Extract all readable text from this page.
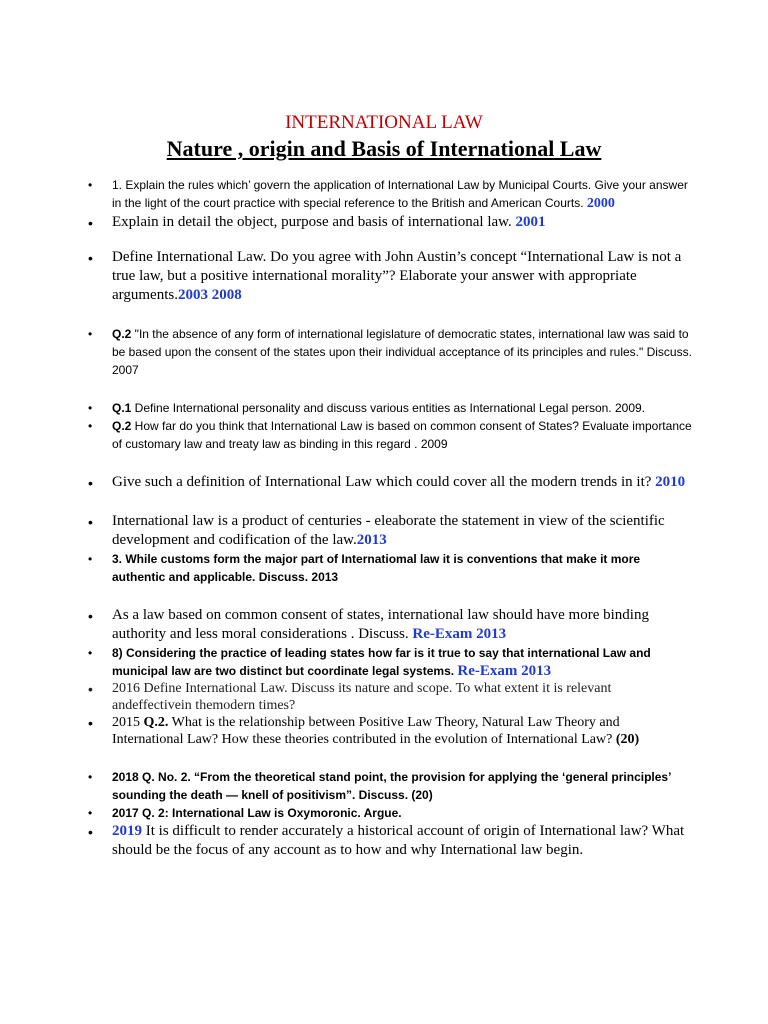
INTERNATIONAL LAW
Nature , origin and Basis of International Law
• 1. Explain the rules which’ govern the application of International Law by Municipal Courts. Give your answer in the light of the court practice with special reference to the British and American Courts. 2000
• Explain in detail the object, purpose and basis of international law. 2001
• Define International Law. Do you agree with John Austin’s concept “International Law is not a true law, but a positive international morality”? Elaborate your answer with appropriate arguments.2003 2008
• Q.2 "In the absence of any form of international legislature of democratic states, international law was said to be based upon the consent of the states upon their individual acceptance of its principles and rules." Discuss. 2007
• Q.1 Define International personality and discuss various entities as International Legal person. 2009.
• Q.2 How far do you think that International Law is based on common consent of States? Evaluate importance of customary law and treaty law as binding in this regard . 2009
• Give such a definition of International Law which could cover all the modern trends in it? 2010
• International law is a product of centuries - eleaborate the statement in view of the scientific development and codification of the law.2013
• 3. While customs form the major part of Internatiomal law it is conventions that make it more authentic and applicable. Discuss. 2013
• As a law based on common consent of states, international law should have more binding authority and less moral considerations . Discuss. Re-Exam 2013
• 8) Considering the practice of leading states how far is it true to say that international Law and municipal law are two distinct but coordinate legal systems. Re-Exam 2013
• 2016 Define International Law. Discuss its nature and scope. To what extent it is relevant andeffectivein themodern times?
• 2015 Q.2. What is the relationship between Positive Law Theory, Natural Law Theory and International Law? How these theories contributed in the evolution of International Law? (20)
• 2018 Q. No. 2. “From the theoretical stand point, the provision for applying the ‘general principles’ sounding the death — knell of positivism”. Discuss. (20)
• 2017 Q. 2: International Law is Oxymoronic. Argue.
• 2019 It is difficult to render accurately a historical account of origin of International law? What should be the focus of any account as to how and why International law begin.
